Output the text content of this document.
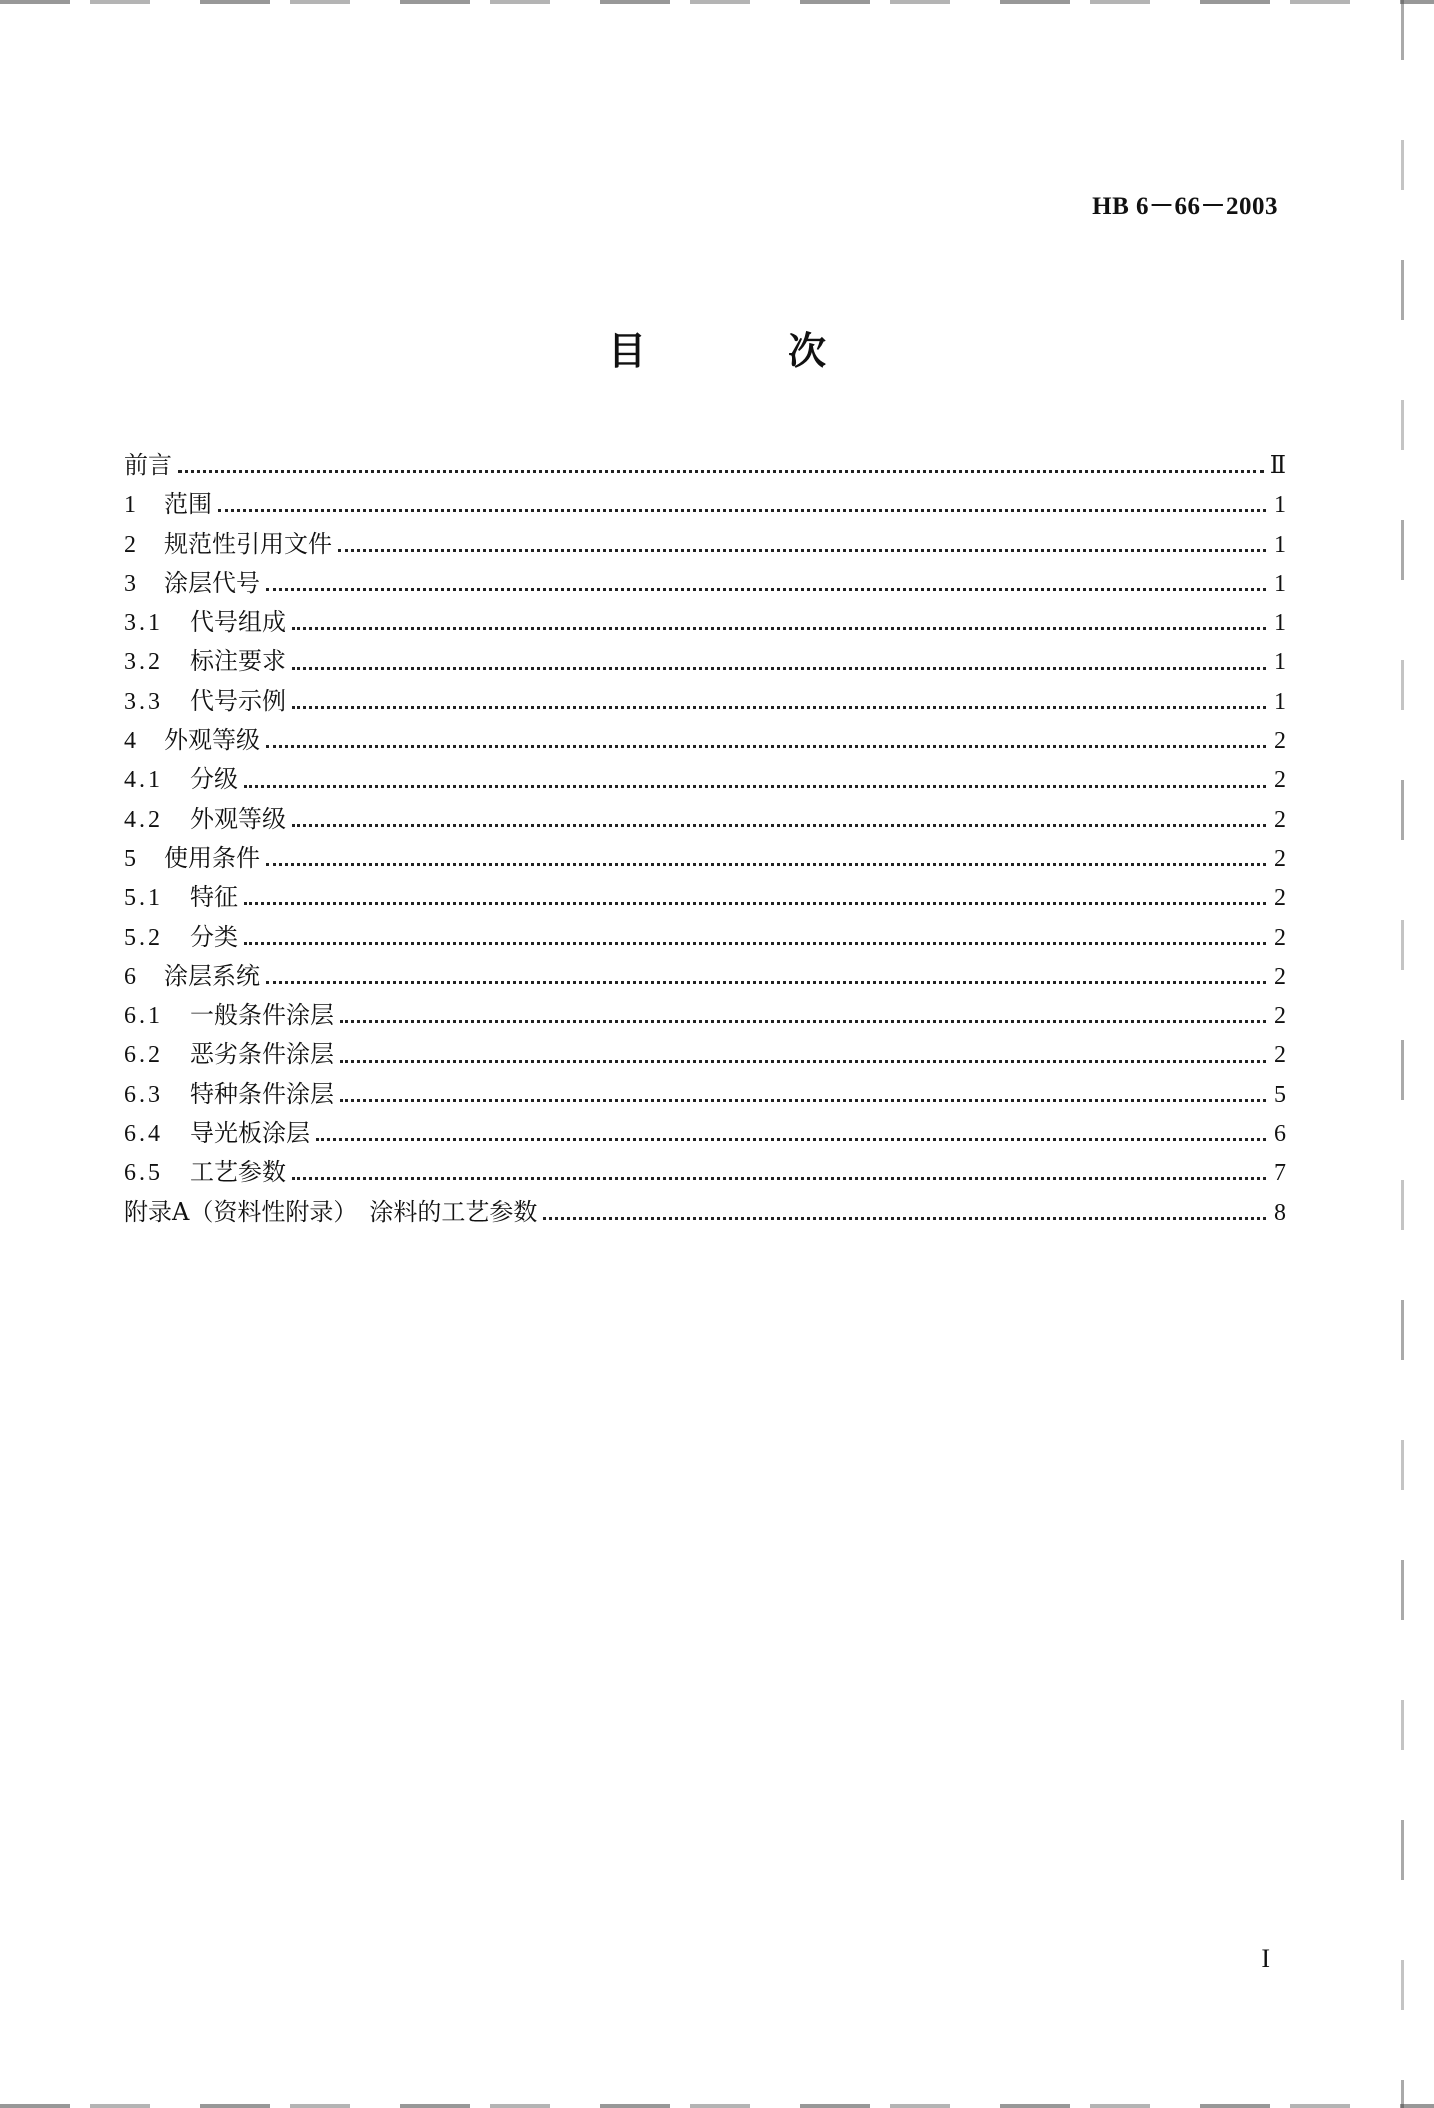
HB 6－66－2003
目　次
前言	Ⅱ
1	范围	1
2	规范性引用文件	1
3	涂层代号	1
3.1	代号组成	1
3.2	标注要求	1
3.3	代号示例	1
4	外观等级	2
4.1	分级	2
4.2	外观等级	2
5	使用条件	2
5.1	特征	2
5.2	分类	2
6	涂层系统	2
6.1	一般条件涂层	2
6.2	恶劣条件涂层	2
6.3	特种条件涂层	5
6.4	导光板涂层	6
6.5	工艺参数	7
附录A（资料性附录）　涂料的工艺参数	8
I
